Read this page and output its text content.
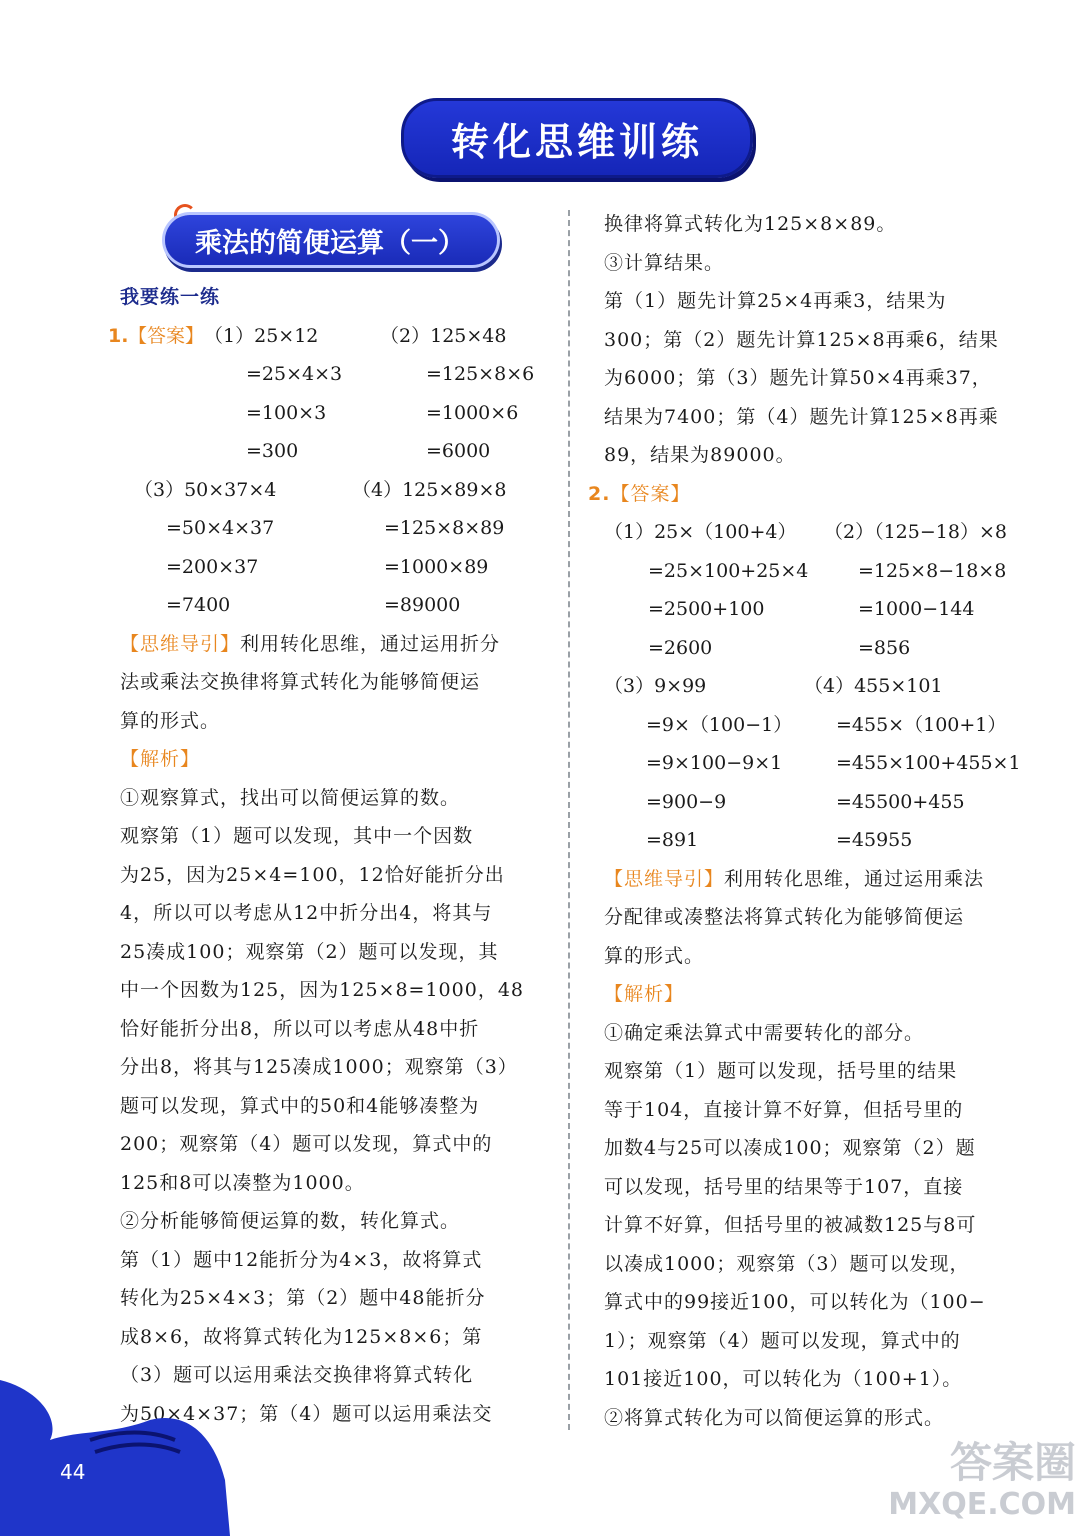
转化思维训练
乘法的简便运算（一）

我要练一练

1. 【答案】 （1）25×12	（2）125×48
=25×4×3	=125×8×6
=100×3	=1000×6
=300	=6000
（3）50×37×4	（4）125×89×8
=50×4×37	=125×8×89
=200×37	=1000×89
=7400	=89000

【思维导引】利用转化思维，通过运用折分

法或乘法交换律将算式转化为能够简便运

算的形式。

【解析】

①观察算式，找出可以简便运算的数。

观察第（1）题可以发现，其中一个因数

为25，因为25×4=100，12恰好能折分出

4，所以可以考虑从12中折分出4，将其与

25凑成100；观察第（2）题可以发现，其

中一个因数为125，因为125×8=1000，48

恰好能折分出8，所以可以考虑从48中折

分出8，将其与125凑成1000；观察第（3）

题可以发现，算式中的50和4能够凑整为

200；观察第（4）题可以发现，算式中的

125和8可以凑整为1000。

②分析能够简便运算的数，转化算式。

第（1）题中12能折分为4×3，故将算式

转化为25×4×3；第（2）题中48能折分

成8×6，故将算式转化为125×8×6；第

（3）题可以运用乘法交换律将算式转化

为50×4×37；第（4）题可以运用乘法交

换律将算式转化为125×8×89。

③计算结果。

第（1）题先计算25×4再乘3，结果为

300；第（2）题先计算125×8再乘6，结果

为6000；第（3）题先计算50×4再乘37，

结果为7400；第（4）题先计算125×8再乘

89，结果为89000。

2.【答案】

（1）25×（100+4）	（2）（125−18）×8
=25×100+25×4	=125×8−18×8
=2500+100	=1000−144
=2600	=856
（3）9×99	（4）455×101
=9×（100−1）	=455×（100+1）
=9×100−9×1	=455×100+455×1
=900−9	=45500+455
=891	=45955

【思维导引】利用转化思维，通过运用乘法

分配律或凑整法将算式转化为能够简便运

算的形式。

【解析】

①确定乘法算式中需要转化的部分。

观察第（1）题可以发现，括号里的结果

等于104，直接计算不好算，但括号里的

加数4与25可以凑成100；观察第（2）题

可以发现，括号里的结果等于107，直接

计算不好算，但括号里的被减数125与8可

以凑成1000；观察第（3）题可以发现，

算式中的99接近100，可以转化为（100−

1）；观察第（4）题可以发现，算式中的

101接近100，可以转化为（100+1）。

②将算式转化为可以简便运算的形式。

44	答案圈
MXQE.COM
